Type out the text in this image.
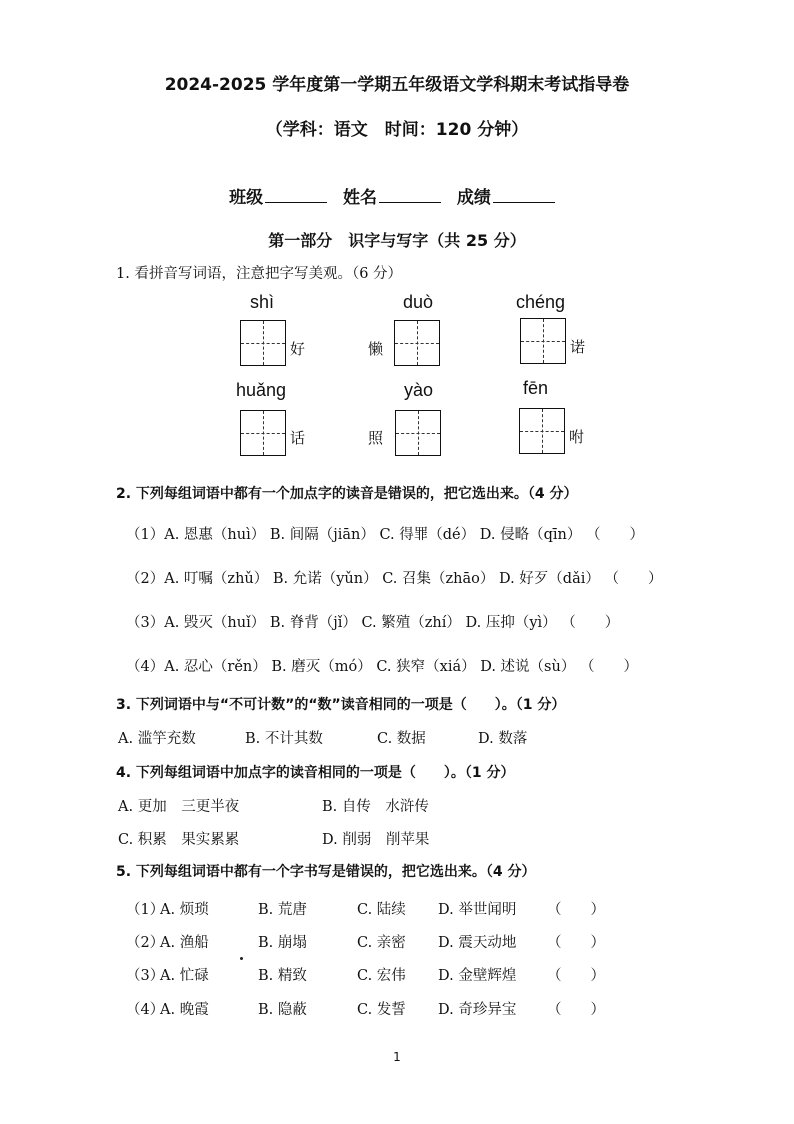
2024-2025 学年度第一学期五年级语文学科期末考试指导卷
（学科：语文　时间：120 分钟）
班级	姓名	成绩
第一部分　识字与写字（共 25 分）
1. 看拼音写词语，注意把字写美观。（6 分）
shì
好
duò
懒
chéng
诺
huǎng
话
yào
照
fēn
咐
2. 下列每组词语中都有一个加点字的读音是错误的，把它选出来。（4 分）
（1）A. 恩惠（huì） B. 间隔（jiān） C. 得罪（dé） D. 侵略（qīn） （　　）
（2）A. 叮嘱（zhǔ） B. 允诺（yǔn） C. 召集（zhāo） D. 好歹（dǎi） （　　）
（3）A. 毁灭（huǐ） B. 脊背（jǐ） C. 繁殖（zhí） D. 压抑（yì） （　　）
（4）A. 忍心（rěn） B. 磨灭（mó） C. 狭窄（xiá） D. 述说（sù） （　　）
3. 下列词语中与“不可计数”的“数”读音相同的一项是（　　）。（1 分）
A. 滥竽充数	B. 不计其数	C. 数据	D. 数落
4. 下列每组词语中加点字的读音相同的一项是（　　）。（1 分）
A. 更加　三更半夜	B. 自传　水浒传
C. 积累　果实累累	D. 削弱　削苹果
5. 下列每组词语中都有一个字书写是错误的，把它选出来。（4 分）
（1）
A. 烦琐	B. 荒唐	C. 陆续 D. 举世闻明 （　　）
（2）
A. 渔船	B. 崩塌	C. 亲密 D. 震天动地 （　　）
（3）
A. 忙碌	B. 精致	C. 宏伟 D. 金壁辉煌 （　　）
（4）
A. 晚霞	B. 隐蔽	C. 发誓 D. 奇珍异宝 （　　）
1
